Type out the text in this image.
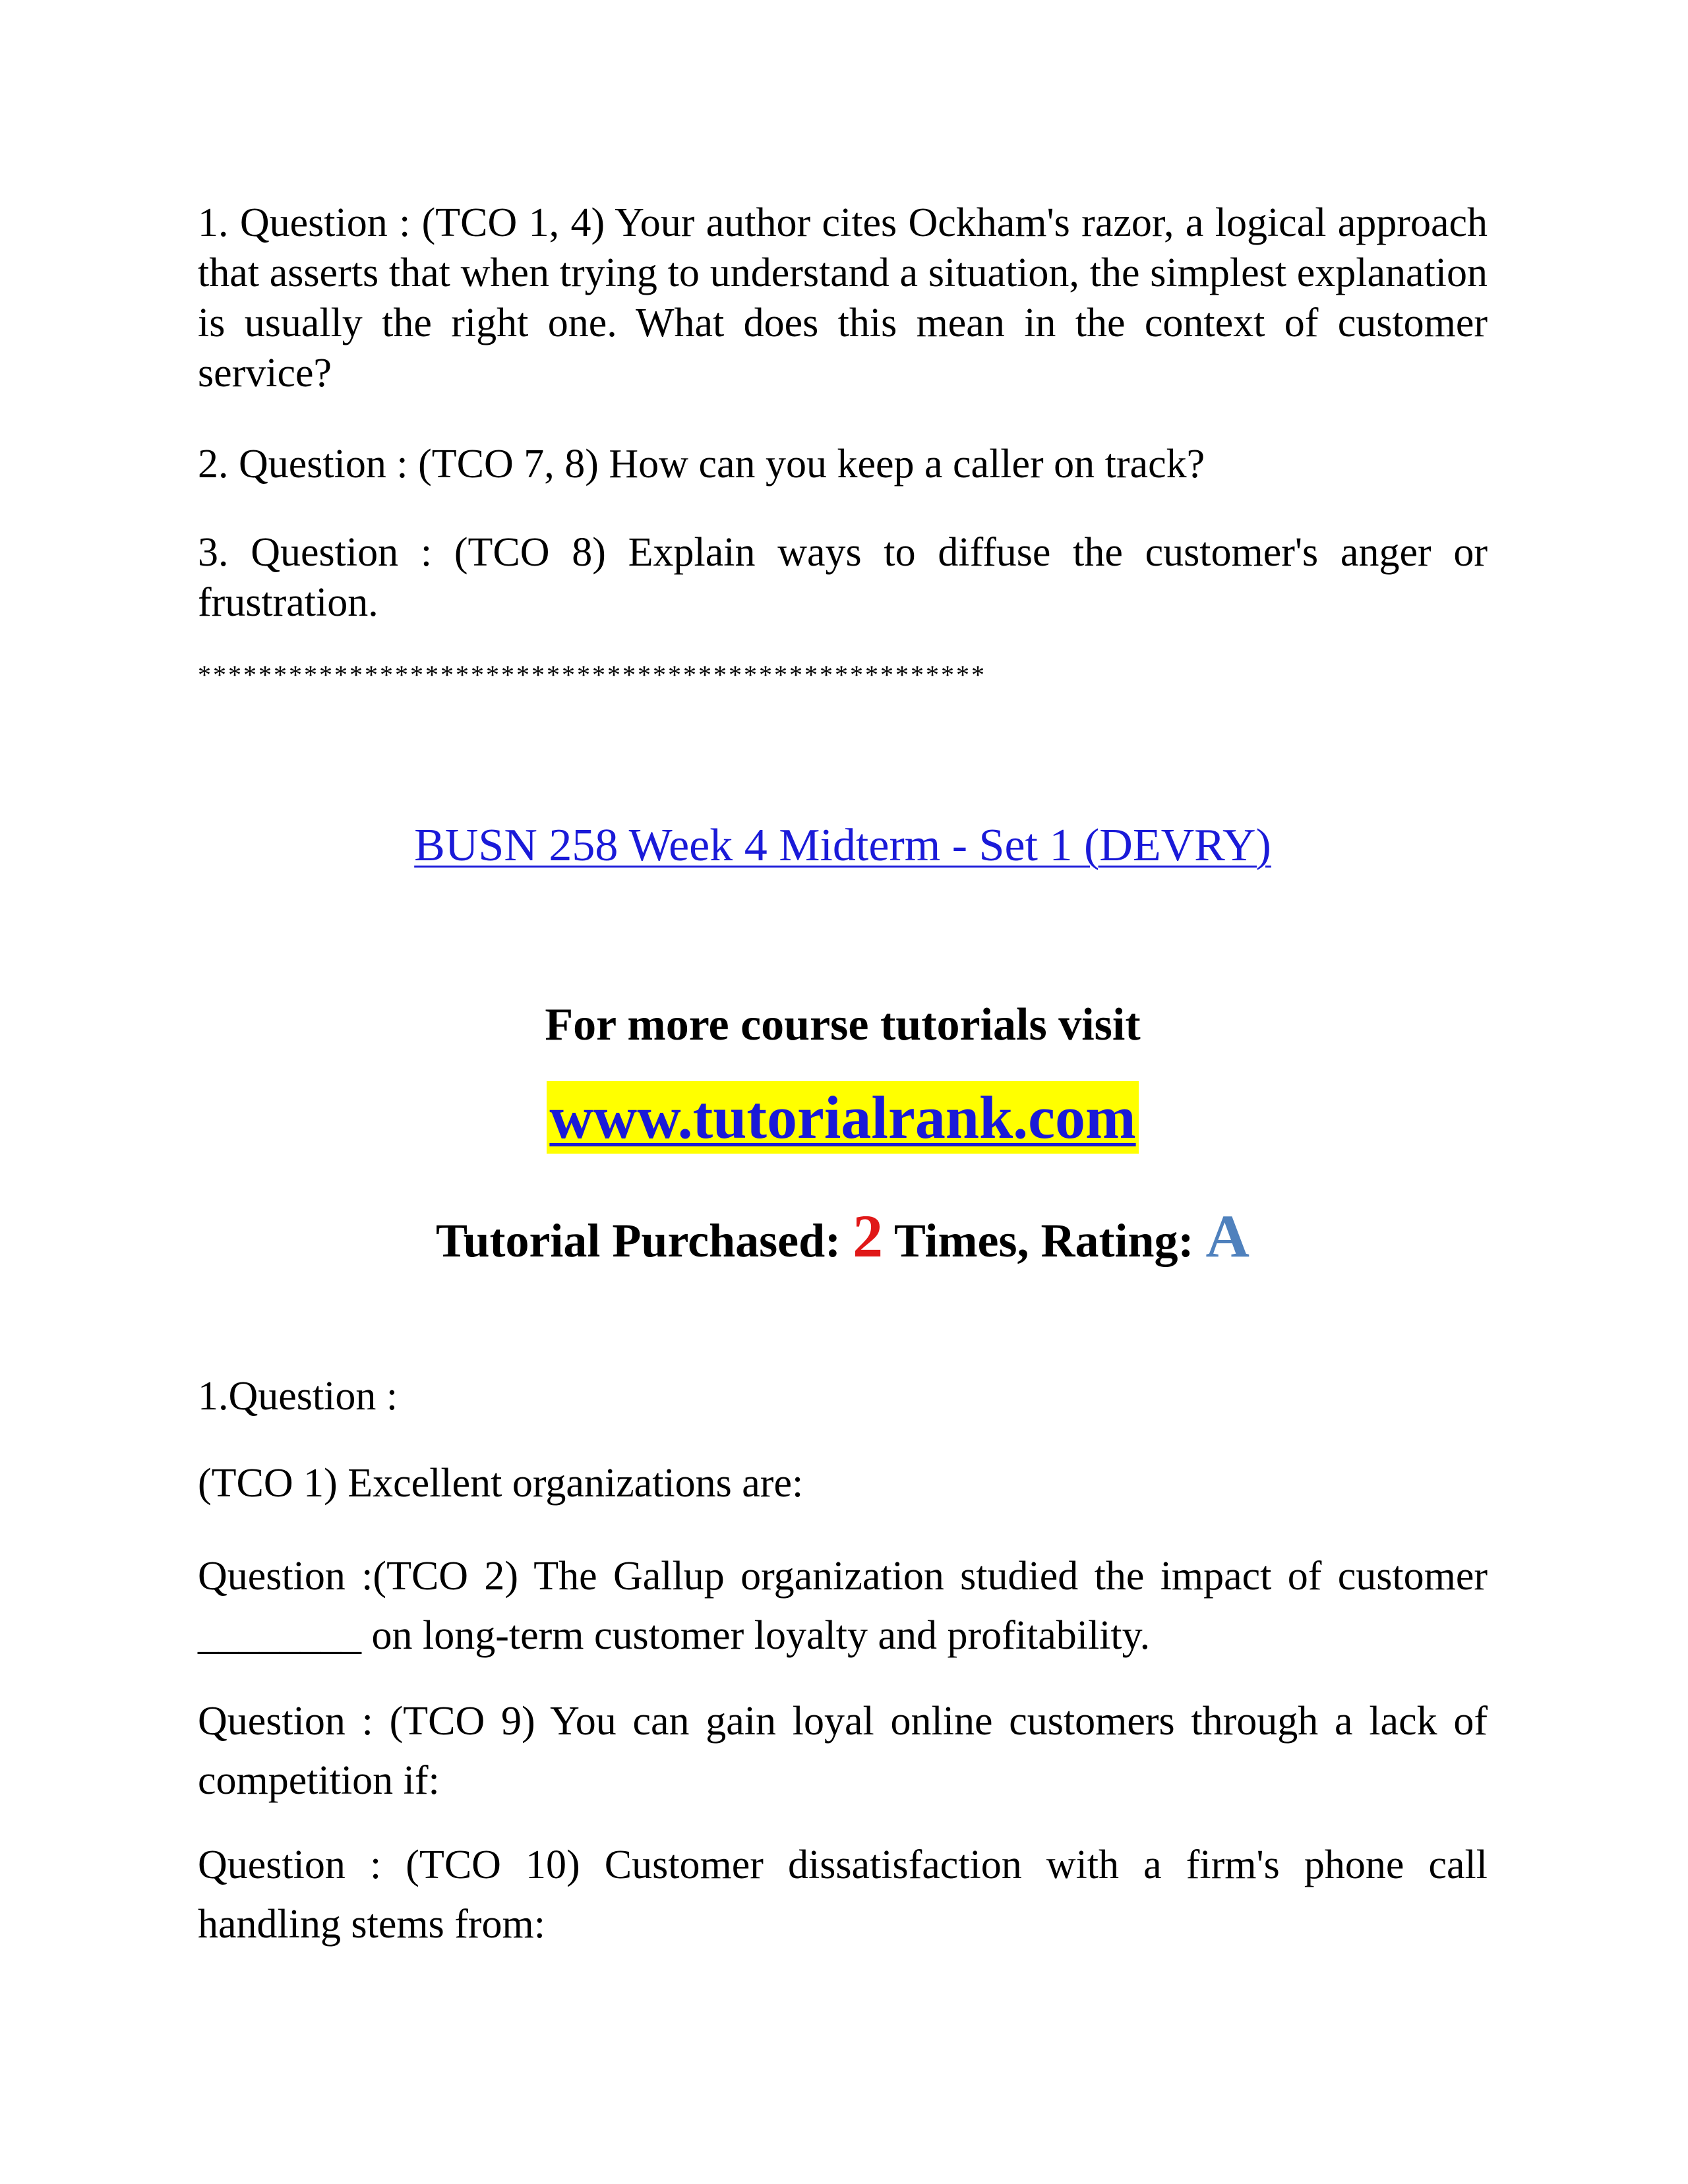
1. Question : (TCO 1, 4) Your author cites Ockham's razor, a logical approach that asserts that when trying to understand a situation, the simplest explanation is usually the right one. What does this mean in the context of customer service?

2. Question : (TCO 7, 8) How can you keep a caller on track?

3. Question : (TCO 8) Explain ways to diffuse the customer's anger or frustration.

****************************************************

BUSN 258 Week 4 Midterm - Set 1 (DEVRY)

For more course tutorials visit

www.tutorialrank.com

Tutorial Purchased: 2 Times, Rating: A

1.Question :

(TCO 1) Excellent organizations are:

Question :(TCO 2) The Gallup organization studied the impact of customer ________ on long-term customer loyalty and profitability.

Question : (TCO 9) You can gain loyal online customers through a lack of competition if:

Question : (TCO 10) Customer dissatisfaction with a firm's phone call handling stems from:
